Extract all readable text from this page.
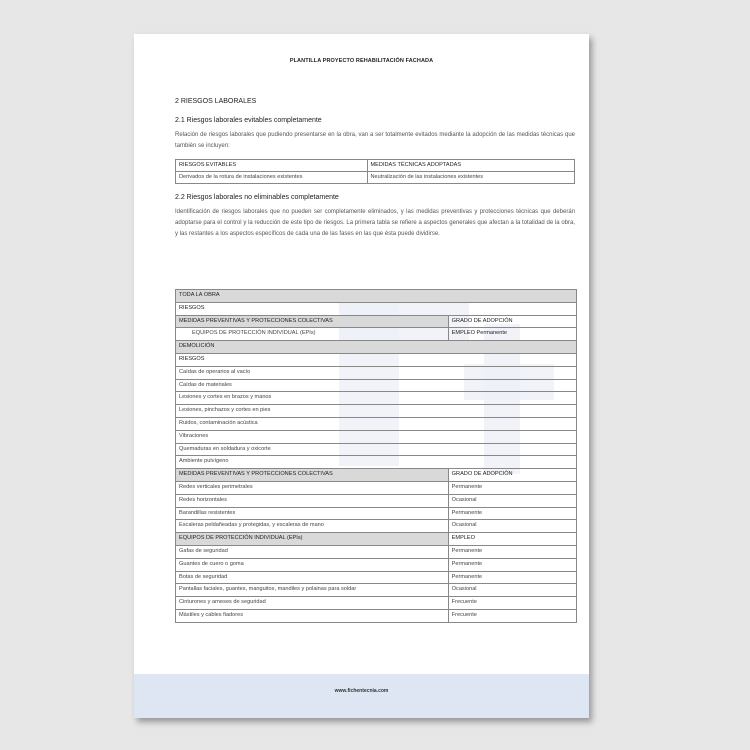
PLANTILLA PROYECTO REHABILITACIÓN FACHADA
2 RIESGOS LABORALES
2.1 Riesgos laborales evitables completamente

Relación de riesgos laborales que pudiendo presentarse en la obra, van a ser totalmente evitados mediante la adopción de las medidas técnicas que también se incluyen:

RIESGOS EVITABLES	MEDIDAS TÉCNICAS ADOPTADAS
Derivados de la rotura de instalaciones existentes	Neutralización de las instalaciones existentes
2.2 Riesgos laborales no eliminables completamente

Identificación de riesgos laborales que no pueden ser completamente eliminados, y las medidas preventivas y protecciones técnicas que deberán adoptarse para el control y la reducción de este tipo de riesgos. La primera tabla se refiere a aspectos generales que afectan a la totalidad de la obra, y las restantes a los aspectos específicos de cada una de las fases en las que ésta puede dividirse.

TODA LA OBRA
RIESGOS
MEDIDAS PREVENTIVAS Y PROTECCIONES COLECTIVAS	GRADO DE ADOPCIÓN
EQUIPOS DE PROTECCIÓN INDIVIDUAL (EPIs)	EMPLEO Permanente
DEMOLICIÓN
RIESGOS
Caídas de operarios al vacío
Caídas de materiales
Lesiones y cortes en brazos y manos
Lesiones, pinchazos y cortes en pies
Ruidos, contaminación acústica
Vibraciones
Quemaduras en soldadura y oxicorte
Ambiente pulvígeno
MEDIDAS PREVENTIVAS Y PROTECCIONES COLECTIVAS	GRADO DE ADOPCIÓN
Redes verticales perimetrales	Permanente
Redes horizontales	Ocasional
Barandillas resistentes	Permanente
Escaleras peldañeadas y protegidas, y escaleras de mano	Ocasional
EQUIPOS DE PROTECCIÓN INDIVIDUAL (EPIs)	EMPLEO
Gafas de seguridad	Permanente
Guantes de cuero o goma	Permanente
Botas de seguridad	Permanente
Pantallas faciales, guantes, manguitos, mandiles y polainas para soldar	Ocasional
Cinturones y arneses de seguridad	Frecuente
Mástiles y cables fiadores	Frecuente
www.fichentecnia.com
